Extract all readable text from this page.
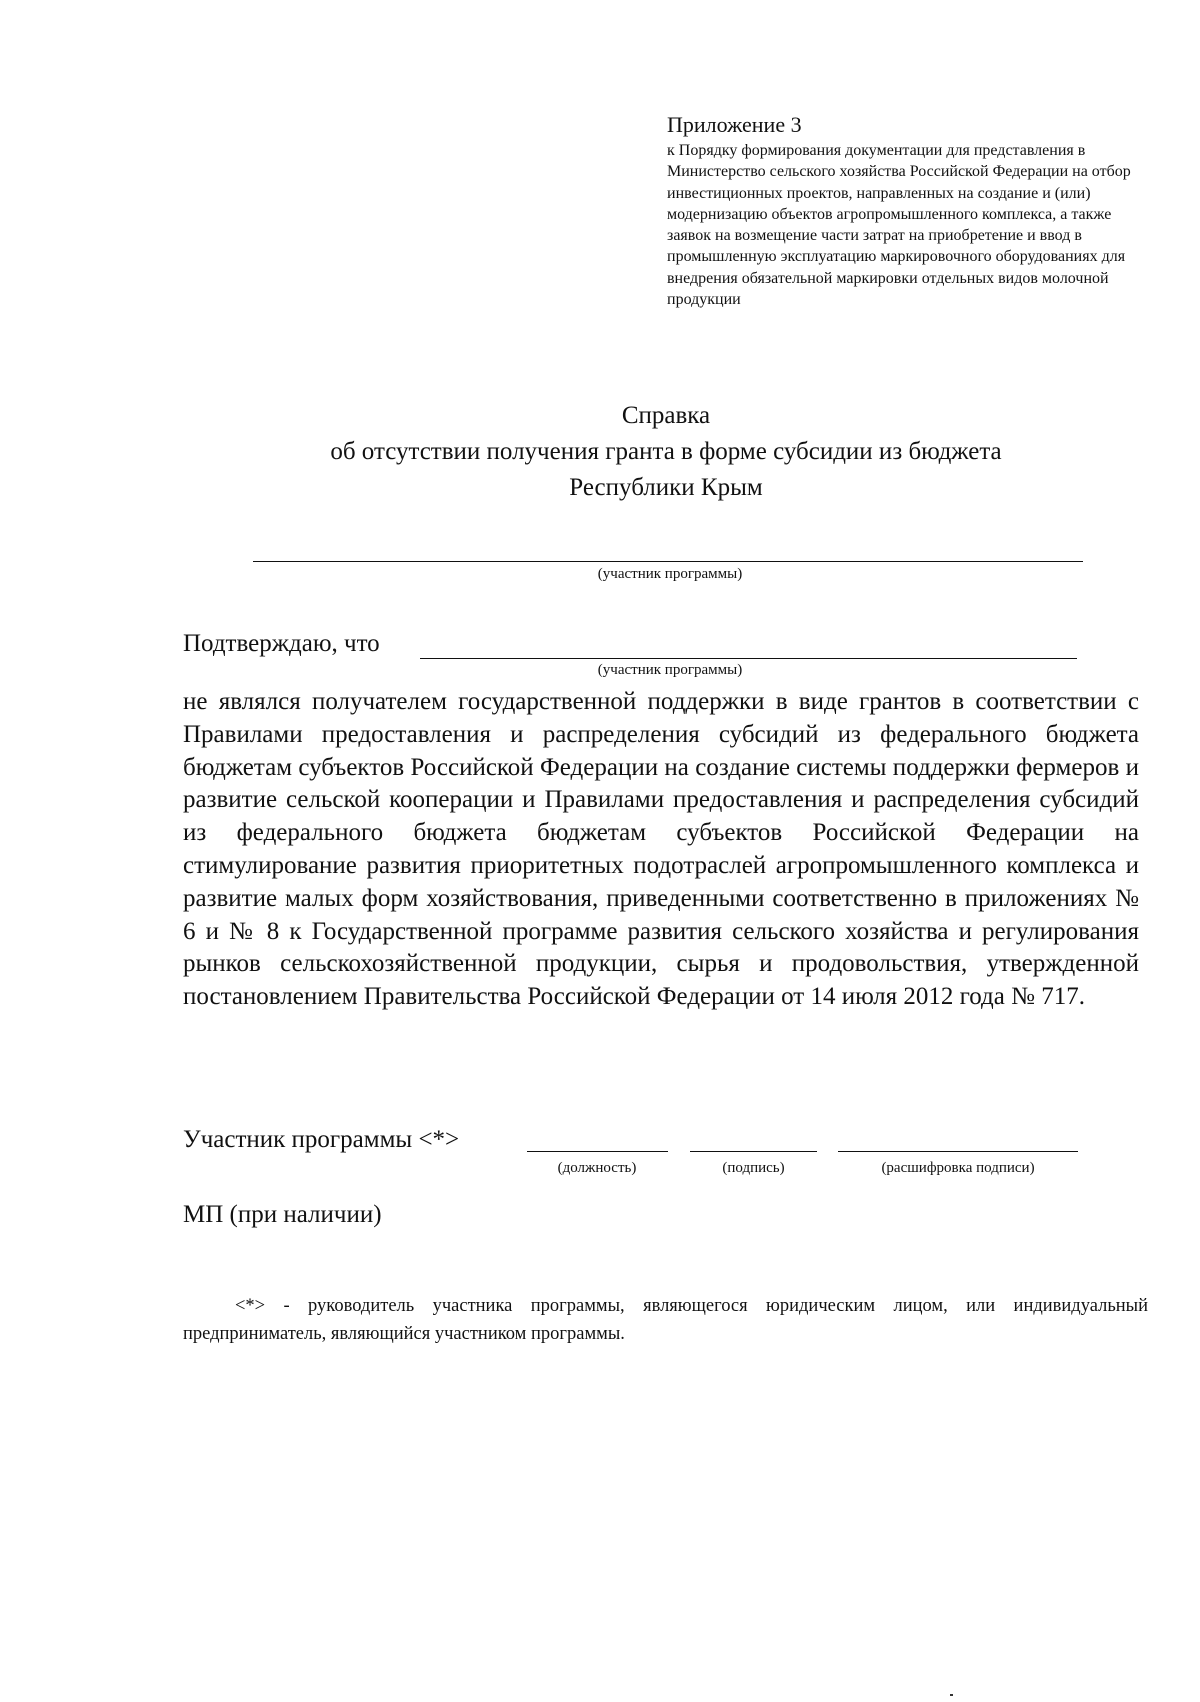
Приложение 3
к Порядку формирования документации для представления в Министерство сельского хозяйства Российской Федерации на отбор инвестиционных проектов, направленных на создание и (или) модернизацию объектов агропромышленного комплекса, а также заявок на возмещение части затрат на приобретение и ввод в промышленную эксплуатацию маркировочного оборудованиях для внедрения обязательной маркировки отдельных видов молочной продукции
Справка
об отсутствии получения гранта в форме субсидии из бюджета
Республики Крым
(участник программы)
Подтверждаю, что
(участник программы)
не являлся получателем государственной поддержки в виде грантов в соответствии с Правилами предоставления и распределения субсидий из федерального бюджета бюджетам субъектов Российской Федерации на создание системы поддержки фермеров и развитие сельской кооперации и Правилами предоставления и распределения субсидий из федерального бюджета бюджетам субъектов Российской Федерации на стимулирование развития приоритетных подотраслей агропромышленного комплекса и развитие малых форм хозяйствования, приведенными соответственно в приложениях № 6 и № 8 к Государственной программе развития сельского хозяйства и регулирования рынков сельскохозяйственной продукции, сырья и продовольствия, утвержденной постановлением Правительства Российской Федерации от 14 июля 2012 года № 717.
Участник программы <*>
(должность)	(подпись)	(расшифровка подписи)
МП (при наличии)
<*> - руководитель участника программы, являющегося юридическим лицом, или индивидуальный предприниматель, являющийся участником программы.
